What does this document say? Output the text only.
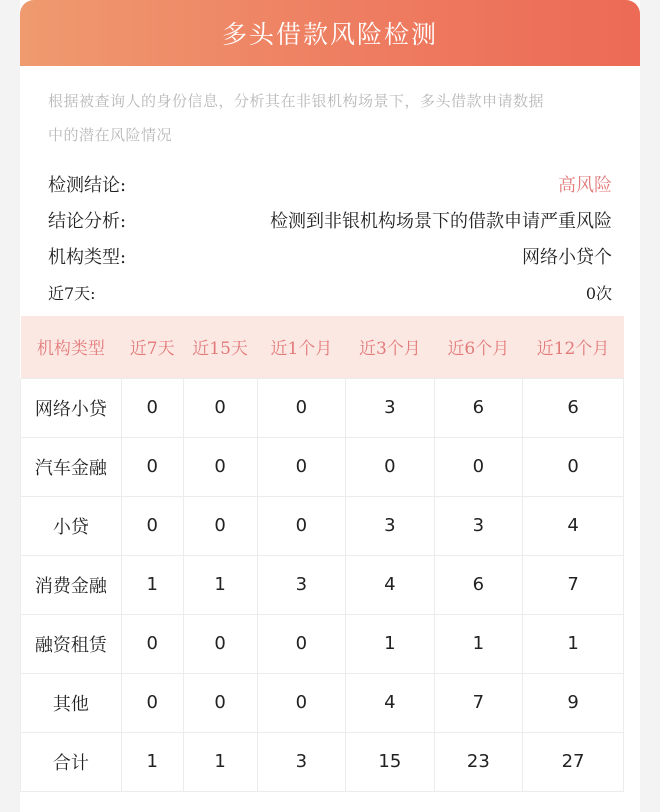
多头借款风险检测
根据被查询人的身份信息，分析其在非银机构场景下，多头借款申请数据
中的潜在风险情况
检测结论:	高风险
结论分析:	检测到非银机构场景下的借款申请严重风险
机构类型:	网络小贷个
近7天:	0次
机构类型	近7天	近15天	近1个月	近3个月	近6个月	近12个月
网络小贷	0	0	0	3	6	6
汽车金融	0	0	0	0	0	0
小贷	0	0	0	3	3	4
消费金融	1	1	3	4	6	7
融资租赁	0	0	0	1	1	1
其他	0	0	0	4	7	9
合计	1	1	3	15	23	27
